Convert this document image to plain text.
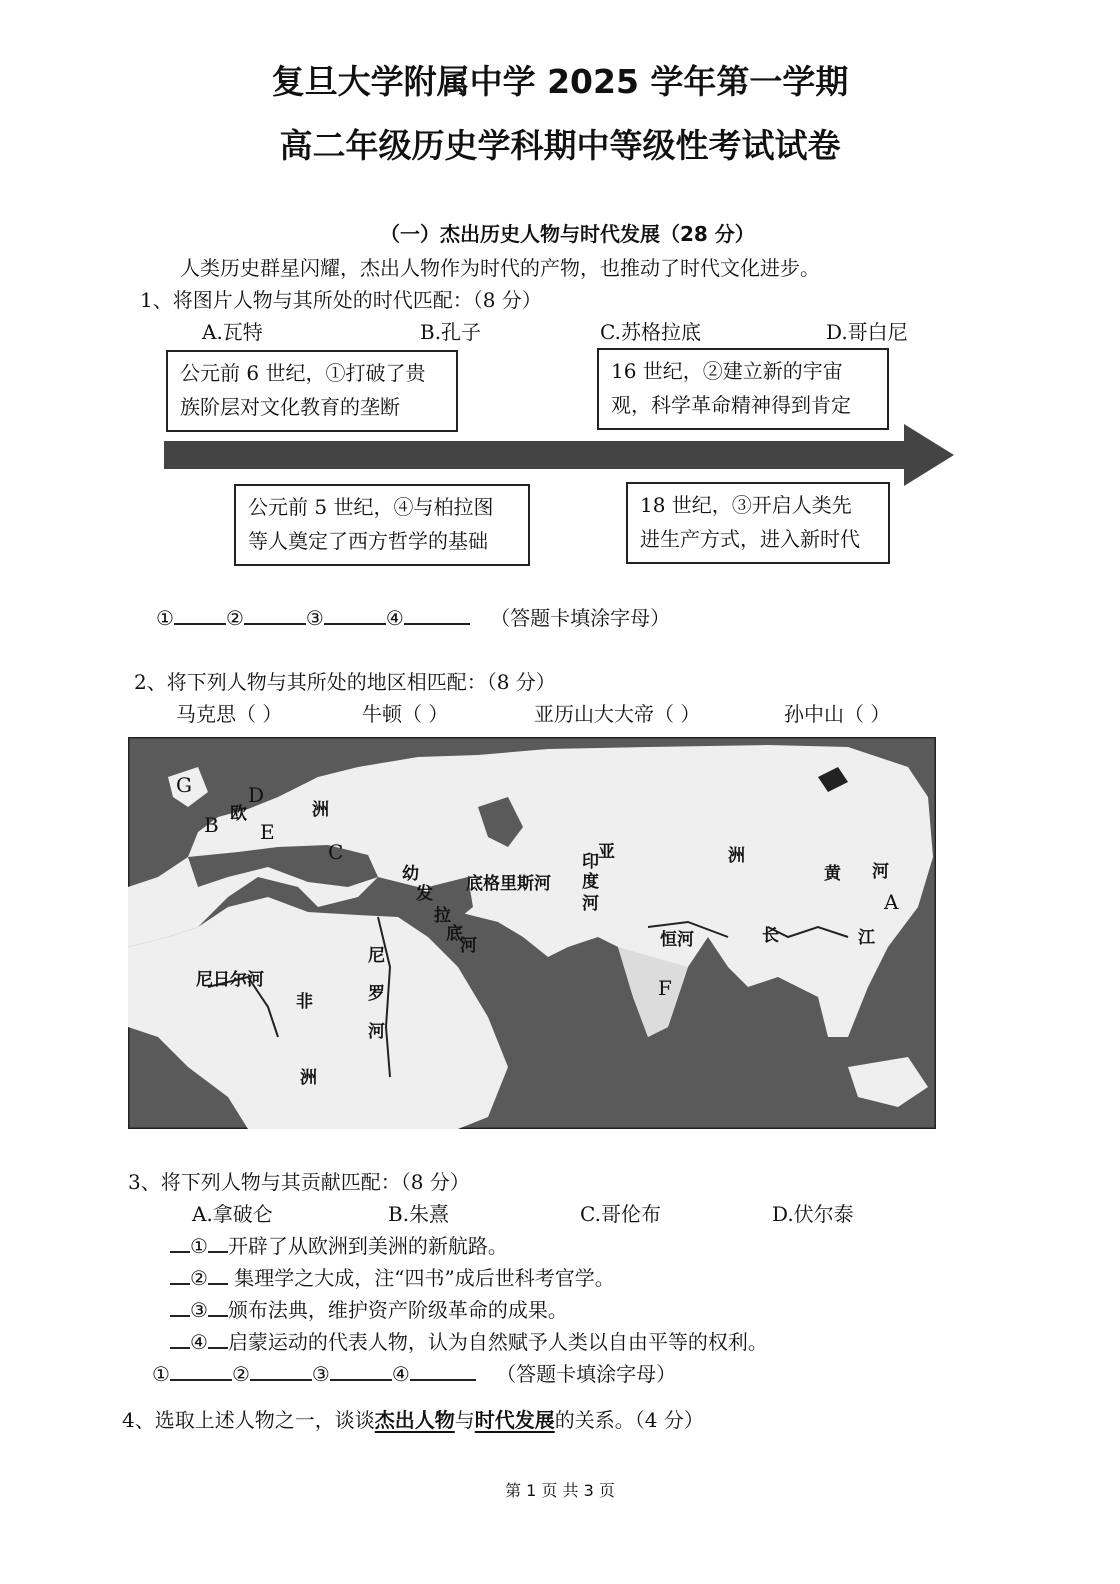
复旦大学附属中学 2025 学年第一学期
高二年级历史学科期中等级性考试试卷
（一）杰出历史人物与时代发展（28 分）
人类历史群星闪耀，杰出人物作为时代的产物，也推动了时代文化进步。
1、将图片人物与其所处的时代匹配：（8 分）
A.瓦特	B.孔子	C.苏格拉底	D.哥白尼
公元前 6 世纪，①打破了贵
族阶层对文化教育的垄断
16 世纪，②建立新的宇宙
观，科学革命精神得到肯定
公元前 5 世纪，④与柏拉图
等人奠定了西方哲学的基础
18 世纪，③开启人类先
进生产方式，进入新时代
①	②	③	④	（答题卡填涂字母）
2、将下列人物与其所处的地区相匹配：（8 分）
马克思（ ）	牛顿（ ）	亚历山大大帝（ ）	孙中山（ ）
G	D
B E
C
A
F
欧	洲
亚	洲
非
洲
尼日尔河
底格里斯河
幼
发
拉
底
河
尼
罗
河
印
度
河
恒河
黄 河
长	江
3、将下列人物与其贡献匹配：（8 分）
A.拿破仑	B.朱熹	C.哥伦布	D.伏尔泰
① 开辟了从欧洲到美洲的新航路。
② 集理学之大成，注“四书”成后世科考官学。
③ 颁布法典，维护资产阶级革命的成果。
④ 启蒙运动的代表人物，认为自然赋予人类以自由平等的权利。
①	②	③	④	（答题卡填涂字母）
4、选取上述人物之一，谈谈杰出人物与时代发展的关系。（4 分）
第 1 页 共 3 页
